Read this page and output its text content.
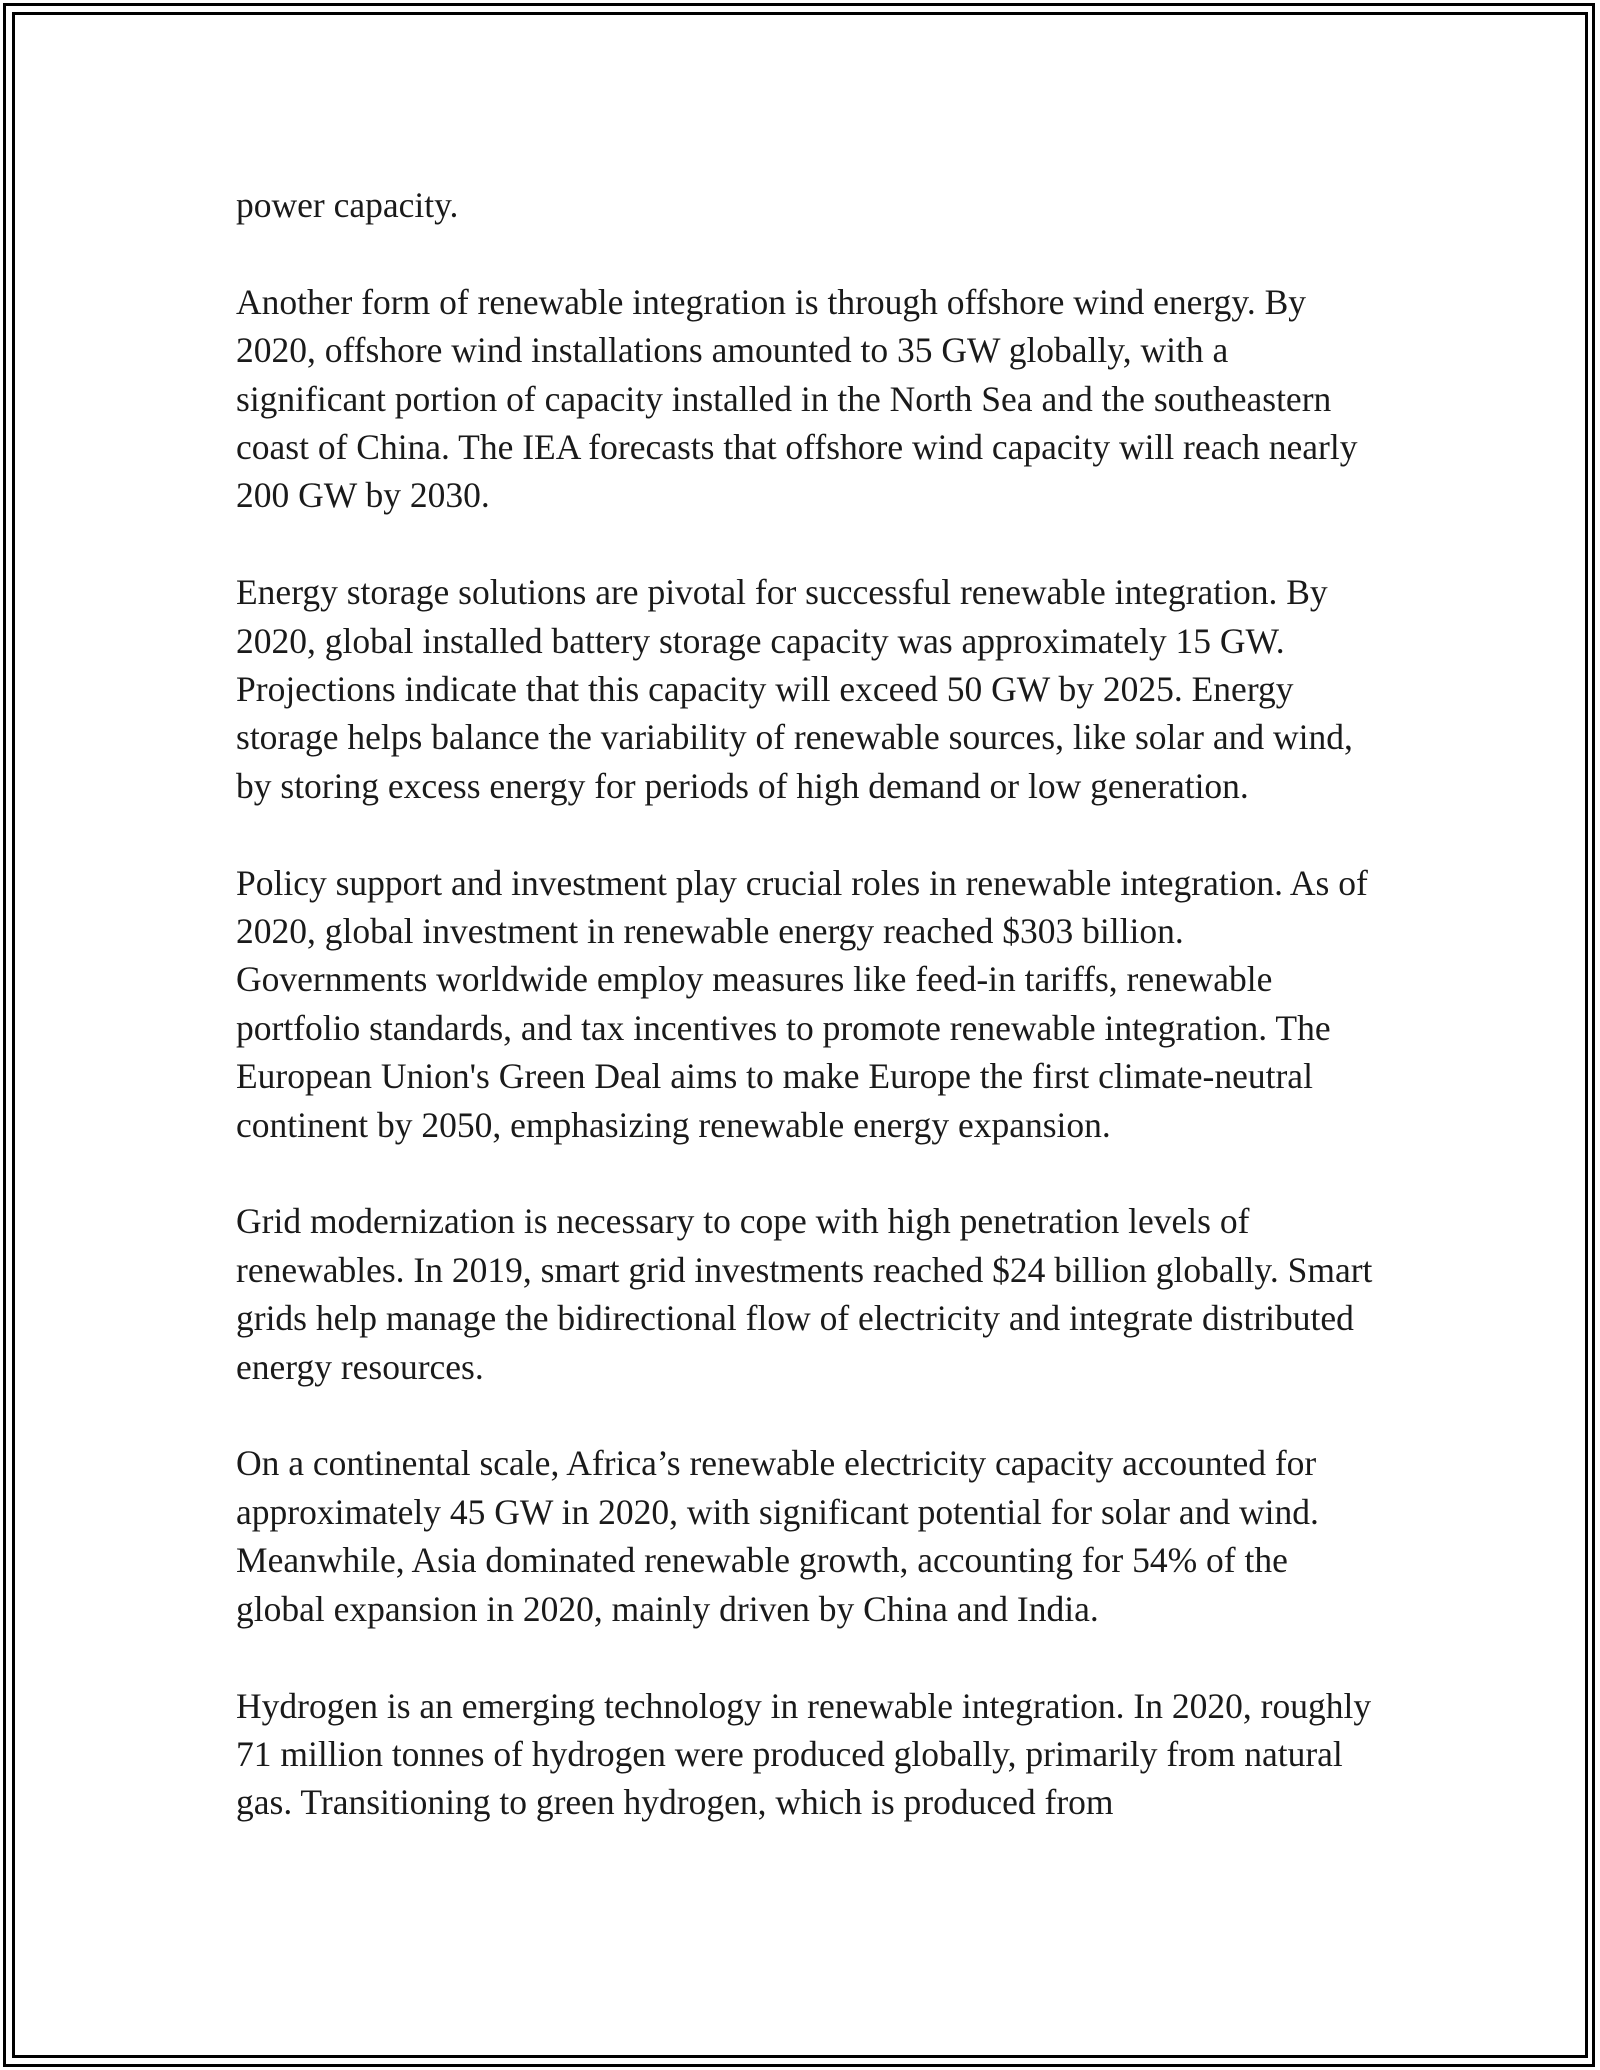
power capacity.

Another form of renewable integration is through offshore wind energy. By 2020, offshore wind installations amounted to 35 GW globally, with a significant portion of capacity installed in the North Sea and the southeastern coast of China. The IEA forecasts that offshore wind capacity will reach nearly 200 GW by 2030.

Energy storage solutions are pivotal for successful renewable integration. By 2020, global installed battery storage capacity was approximately 15 GW. Projections indicate that this capacity will exceed 50 GW by 2025. Energy storage helps balance the variability of renewable sources, like solar and wind, by storing excess energy for periods of high demand or low generation.

Policy support and investment play crucial roles in renewable integration. As of 2020, global investment in renewable energy reached $303 billion. Governments worldwide employ measures like feed-in tariffs, renewable portfolio standards, and tax incentives to promote renewable integration. The European Union's Green Deal aims to make Europe the first climate-neutral continent by 2050, emphasizing renewable energy expansion.

Grid modernization is necessary to cope with high penetration levels of renewables. In 2019, smart grid investments reached $24 billion globally. Smart grids help manage the bidirectional flow of electricity and integrate distributed energy resources.

On a continental scale, Africa’s renewable electricity capacity accounted for approximately 45 GW in 2020, with significant potential for solar and wind. Meanwhile, Asia dominated renewable growth, accounting for 54% of the global expansion in 2020, mainly driven by China and India.

Hydrogen is an emerging technology in renewable integration. In 2020, roughly 71 million tonnes of hydrogen were produced globally, primarily from natural gas. Transitioning to green hydrogen, which is produced from
